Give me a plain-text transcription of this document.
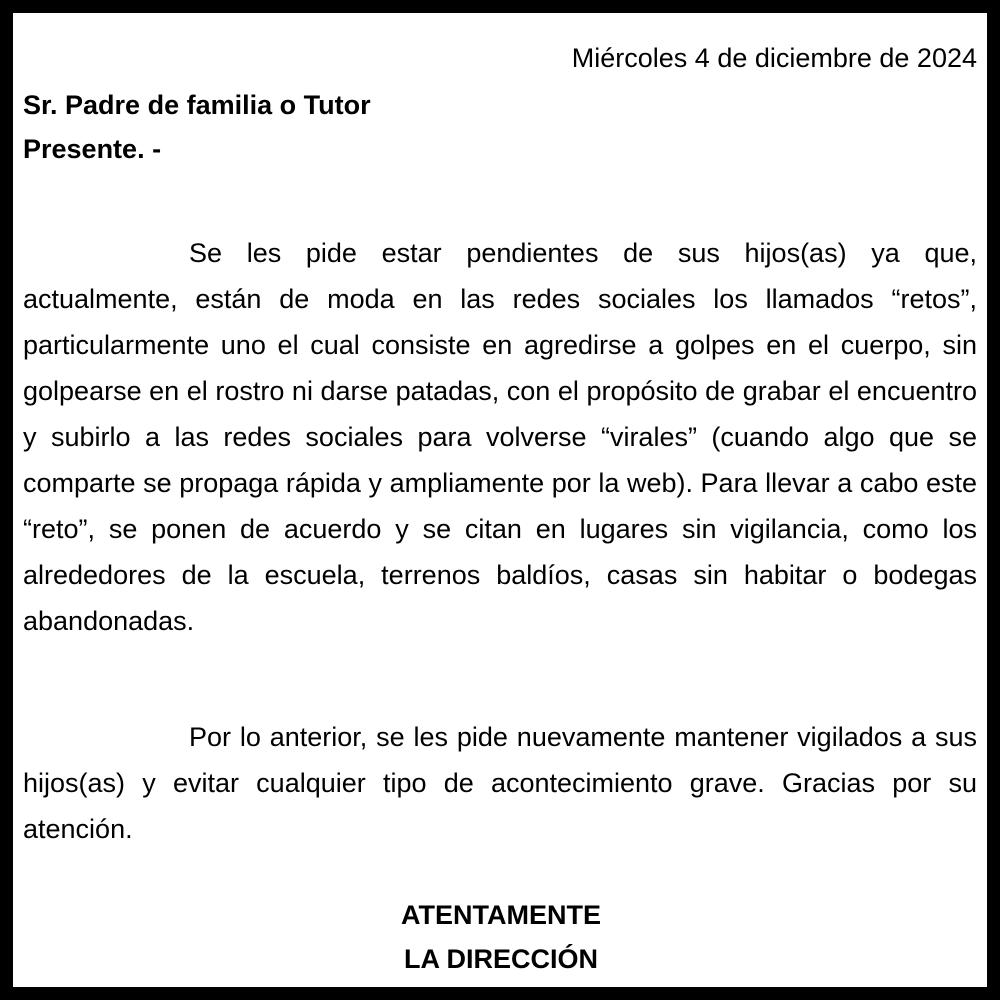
Miércoles 4 de diciembre de 2024
Sr. Padre de familia o Tutor
Presente. -

Se les pide estar pendientes de sus hijos(as) ya que, actualmente, están de moda en las redes sociales los llamados “retos”, particularmente uno el cual consiste en agredirse a golpes en el cuerpo, sin golpearse en el rostro ni darse patadas, con el propósito de grabar el encuentro y subirlo a las redes sociales para volverse “virales” (cuando algo que se comparte se propaga rápida y ampliamente por la web). Para llevar a cabo este “reto”, se ponen de acuerdo y se citan en lugares sin vigilancia, como los alrededores de la escuela, terrenos baldíos, casas sin habitar o bodegas abandonadas.

Por lo anterior, se les pide nuevamente mantener vigilados a sus hijos(as) y evitar cualquier tipo de acontecimiento grave. Gracias por su atención.

ATENTAMENTE
LA DIRECCIÓN
